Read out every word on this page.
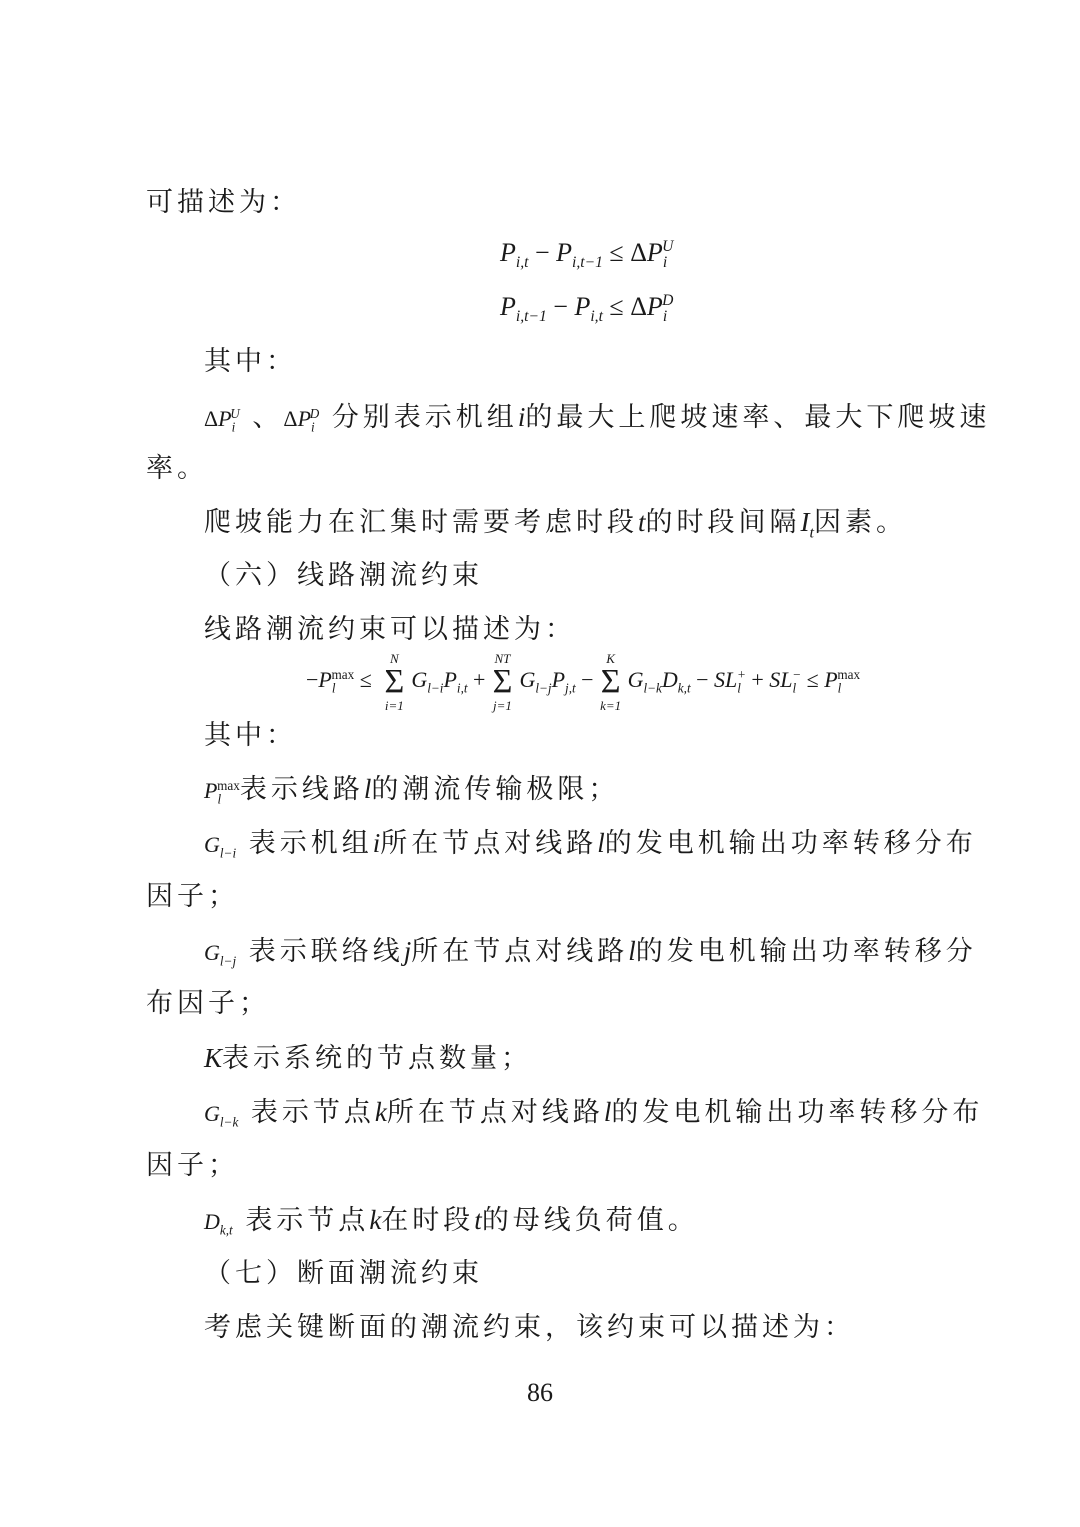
可描述为：
$P_{i,t} - P_{i,t-1} \le \Delta P_i^U$
$P_{i,t-1} - P_{i,t} \le \Delta P_i^D$
其中：
$\Delta P_i^U$ 、$\Delta P_i^D$ 分别表示机组i的最大上爬坡速率、最大下爬坡速
率。
爬坡能力在汇集时需要考虑时段t的时段间隔$I_t$因素。
（六）线路潮流约束
线路潮流约束可以描述为：
$-P_l^{max}$ ≤
N
Σ
i=1
$G_{l-i}P_{i,t}$ +
NT
Σ
j=1
$G_{l-j}P_{j,t}$ −
K
Σ
k=1
$G_{l-k}D_{k,t} - SL_l^+ + SL_l^- \le P_l^{max}$
其中：
$P_l^{max}$表示线路l的潮流传输极限；
$G_{l-i}$ 表示机组i所在节点对线路l的发电机输出功率转移分布
因子；
$G_{l-j}$ 表示联络线j所在节点对线路l的发电机输出功率转移分
布因子；
K表示系统的节点数量；
$G_{l-k}$ 表示节点k所在节点对线路l的发电机输出功率转移分布
因子；
$D_{k,t}$ 表示节点k在时段t的母线负荷值。
（七）断面潮流约束
考虑关键断面的潮流约束，该约束可以描述为：
86
